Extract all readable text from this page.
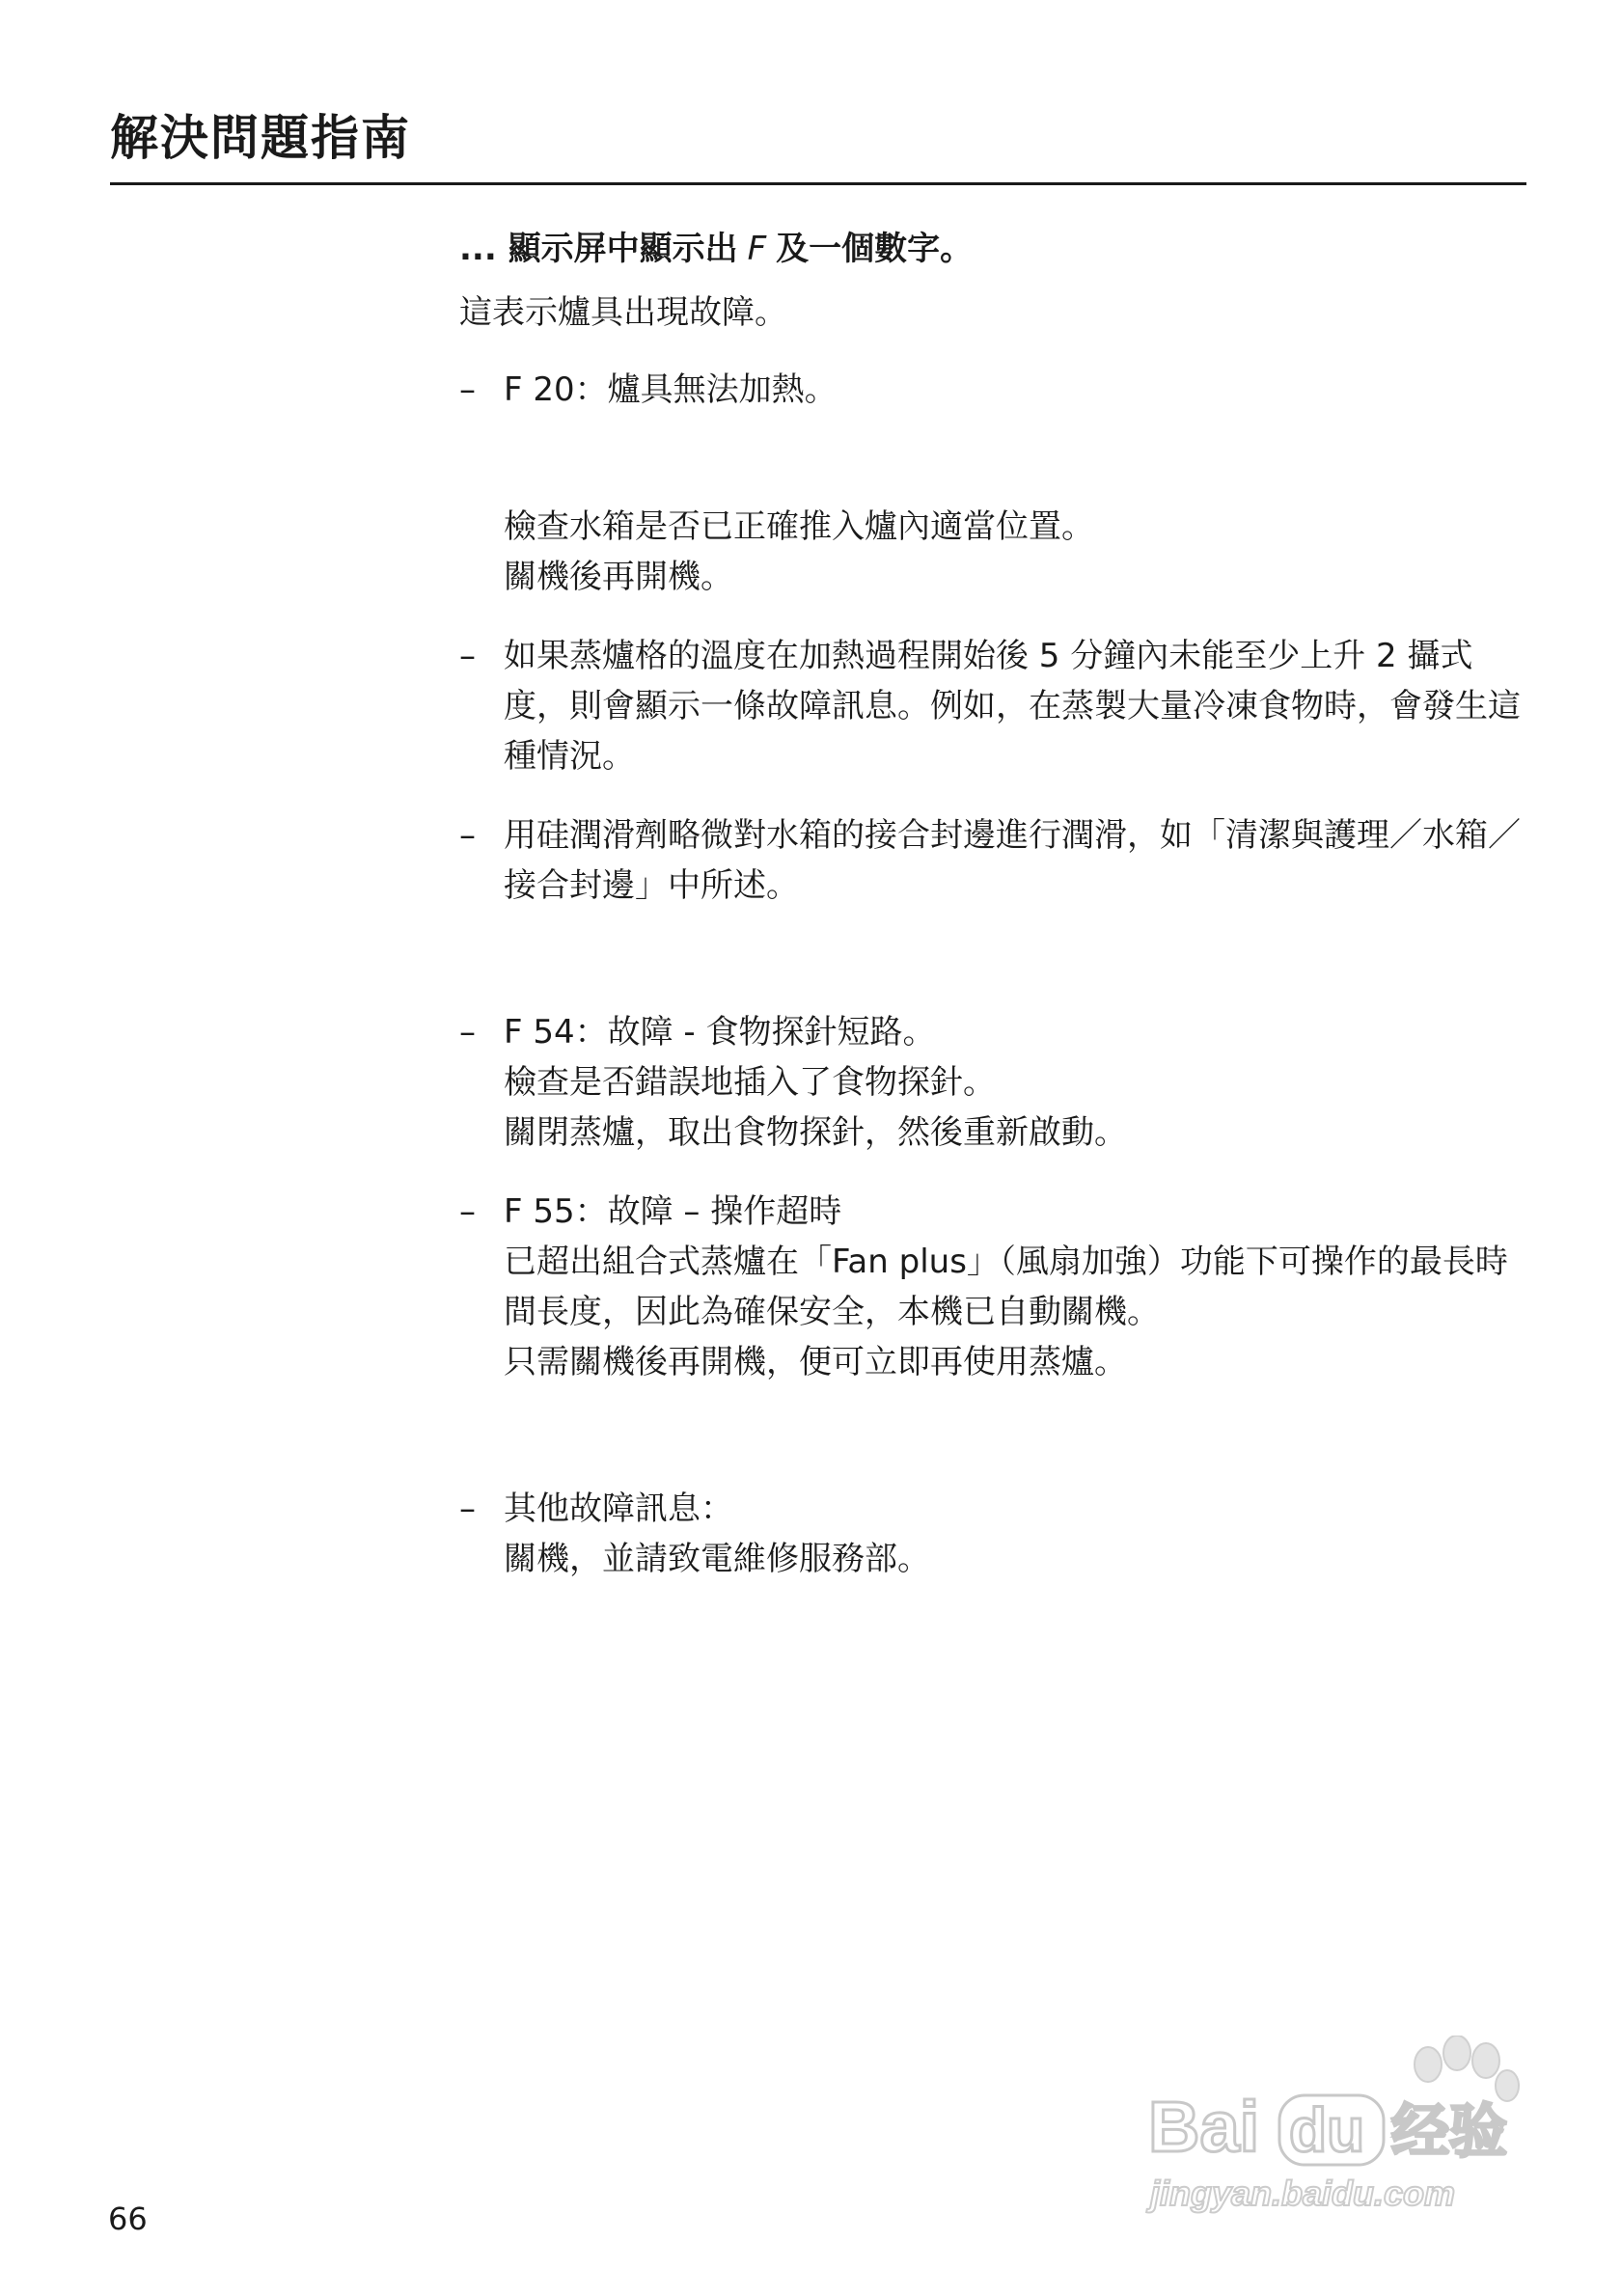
解決問題指南

... 顯示屏中顯示出 F 及一個數字。

這表示爐具出現故障。

– F 20：爐具無法加熱。

檢查水箱是否已正確推入爐內適當位置。

關機後再開機。

– 如果蒸爐格的溫度在加熱過程開始後 5 分鐘內未能至少上升 2 攝式度，則會顯示一條故障訊息。例如，在蒸製大量冷凍食物時，會發生這種情況。

– 用硅潤滑劑略微對水箱的接合封邊進行潤滑，如「清潔與護理／水箱／接合封邊」中所述。

– F 54：故障 - 食物探針短路。

檢查是否錯誤地插入了食物探針。

關閉蒸爐，取出食物探針，然後重新啟動。

– F 55：故障 – 操作超時

已超出組合式蒸爐在「Fan plus」（風扇加強）功能下可操作的最長時間長度，因此為確保安全，本機已自動關機。

只需關機後再開機，便可立即再使用蒸爐。

– 其他故障訊息：

關機，並請致電維修服務部。

66
Bai du 经验
jingyan.baidu.com
